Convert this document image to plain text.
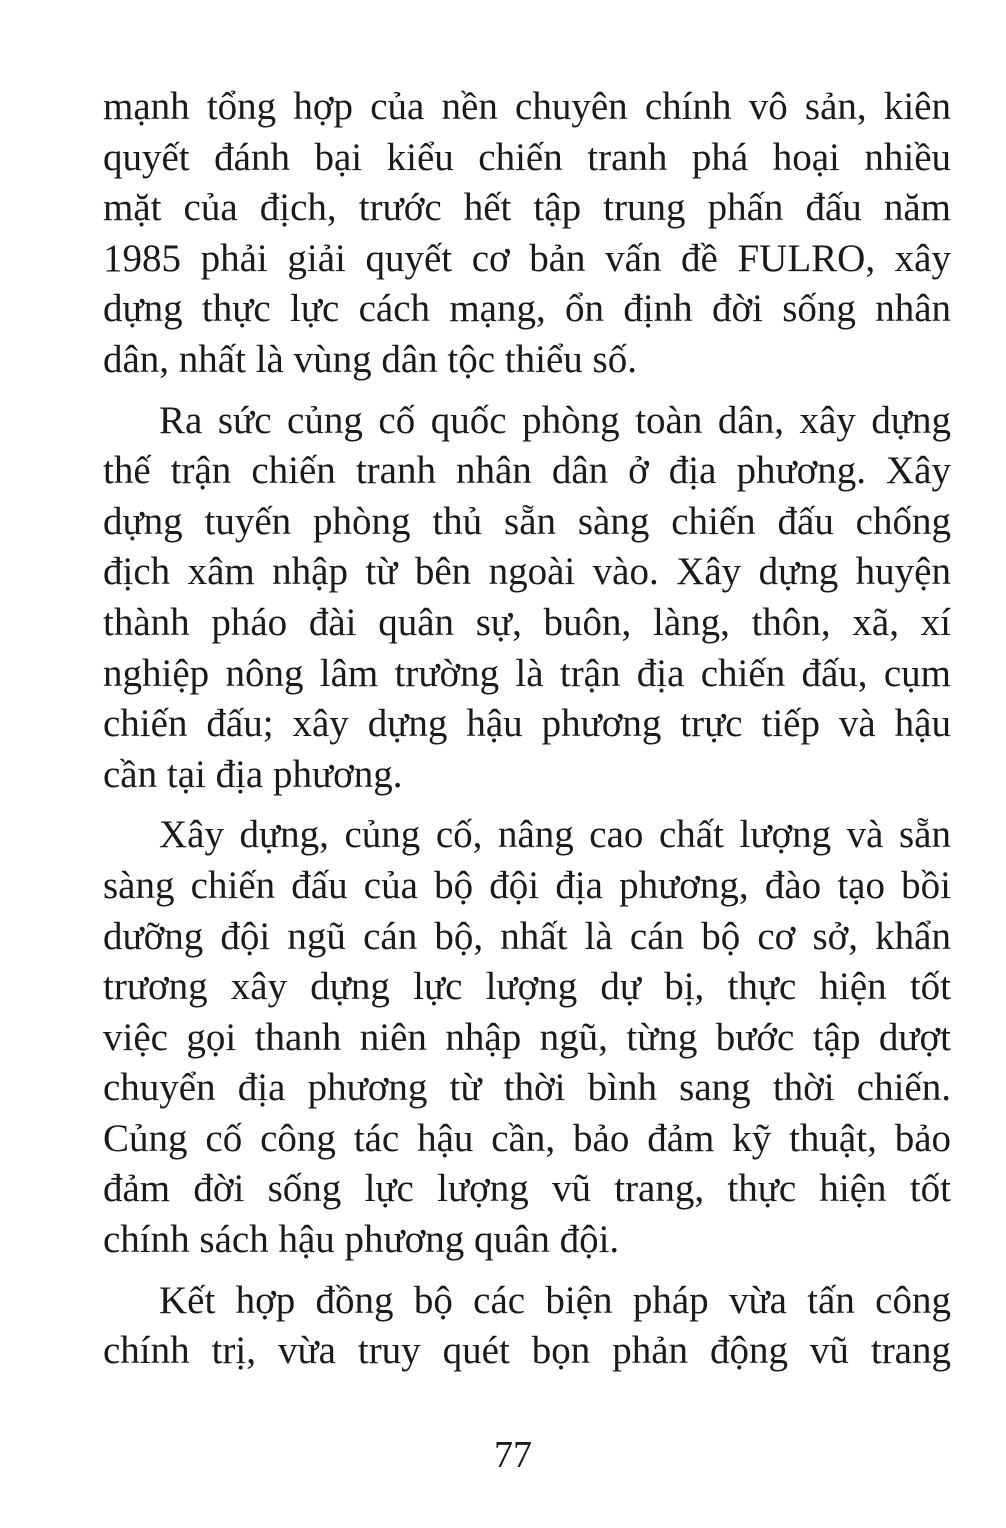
mạnh tổng hợp của nền chuyên chính vô sản, kiên
quyết đánh bại kiểu chiến tranh phá hoại nhiều
mặt của địch, trước hết tập trung phấn đấu năm
1985 phải giải quyết cơ bản vấn đề FULRO, xây
dựng thực lực cách mạng, ổn định đời sống nhân
dân, nhất là vùng dân tộc thiểu số.
Ra sức củng cố quốc phòng toàn dân, xây dựng
thế trận chiến tranh nhân dân ở địa phương. Xây
dựng tuyến phòng thủ sẵn sàng chiến đấu chống
địch xâm nhập từ bên ngoài vào. Xây dựng huyện
thành pháo đài quân sự, buôn, làng, thôn, xã, xí
nghiệp nông lâm trường là trận địa chiến đấu, cụm
chiến đấu; xây dựng hậu phương trực tiếp và hậu
cần tại địa phương.
Xây dựng, củng cố, nâng cao chất lượng và sẵn
sàng chiến đấu của bộ đội địa phương, đào tạo bồi
dưỡng đội ngũ cán bộ, nhất là cán bộ cơ sở, khẩn
trương xây dựng lực lượng dự bị, thực hiện tốt
việc gọi thanh niên nhập ngũ, từng bước tập dượt
chuyển địa phương từ thời bình sang thời chiến.
Củng cố công tác hậu cần, bảo đảm kỹ thuật, bảo
đảm đời sống lực lượng vũ trang, thực hiện tốt
chính sách hậu phương quân đội.
Kết hợp đồng bộ các biện pháp vừa tấn công
chính trị, vừa truy quét bọn phản động vũ trang
77
